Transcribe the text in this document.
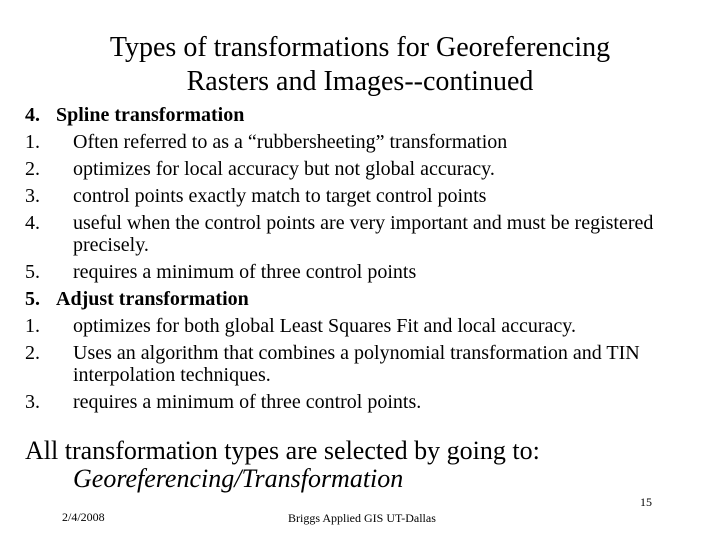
Types of transformations for Georeferencing
Rasters and Images--continued
4. Spline transformation
1.	Often referred to as a “rubbersheeting” transformation
2.	optimizes for local accuracy but not global accuracy.
3.	control points exactly match to target control points
4.	useful when the control points are very important and must be registered precisely.
5.	requires a minimum of three control points
5. Adjust transformation
1.	optimizes for both global Least Squares Fit and local accuracy.
2.	Uses an algorithm that combines a polynomial transformation and TIN interpolation techniques.
3.	requires a minimum of three control points.
All transformation types are selected by going to:
Georeferencing/Transformation
2/4/2008	Briggs Applied GIS UT-Dallas
15
